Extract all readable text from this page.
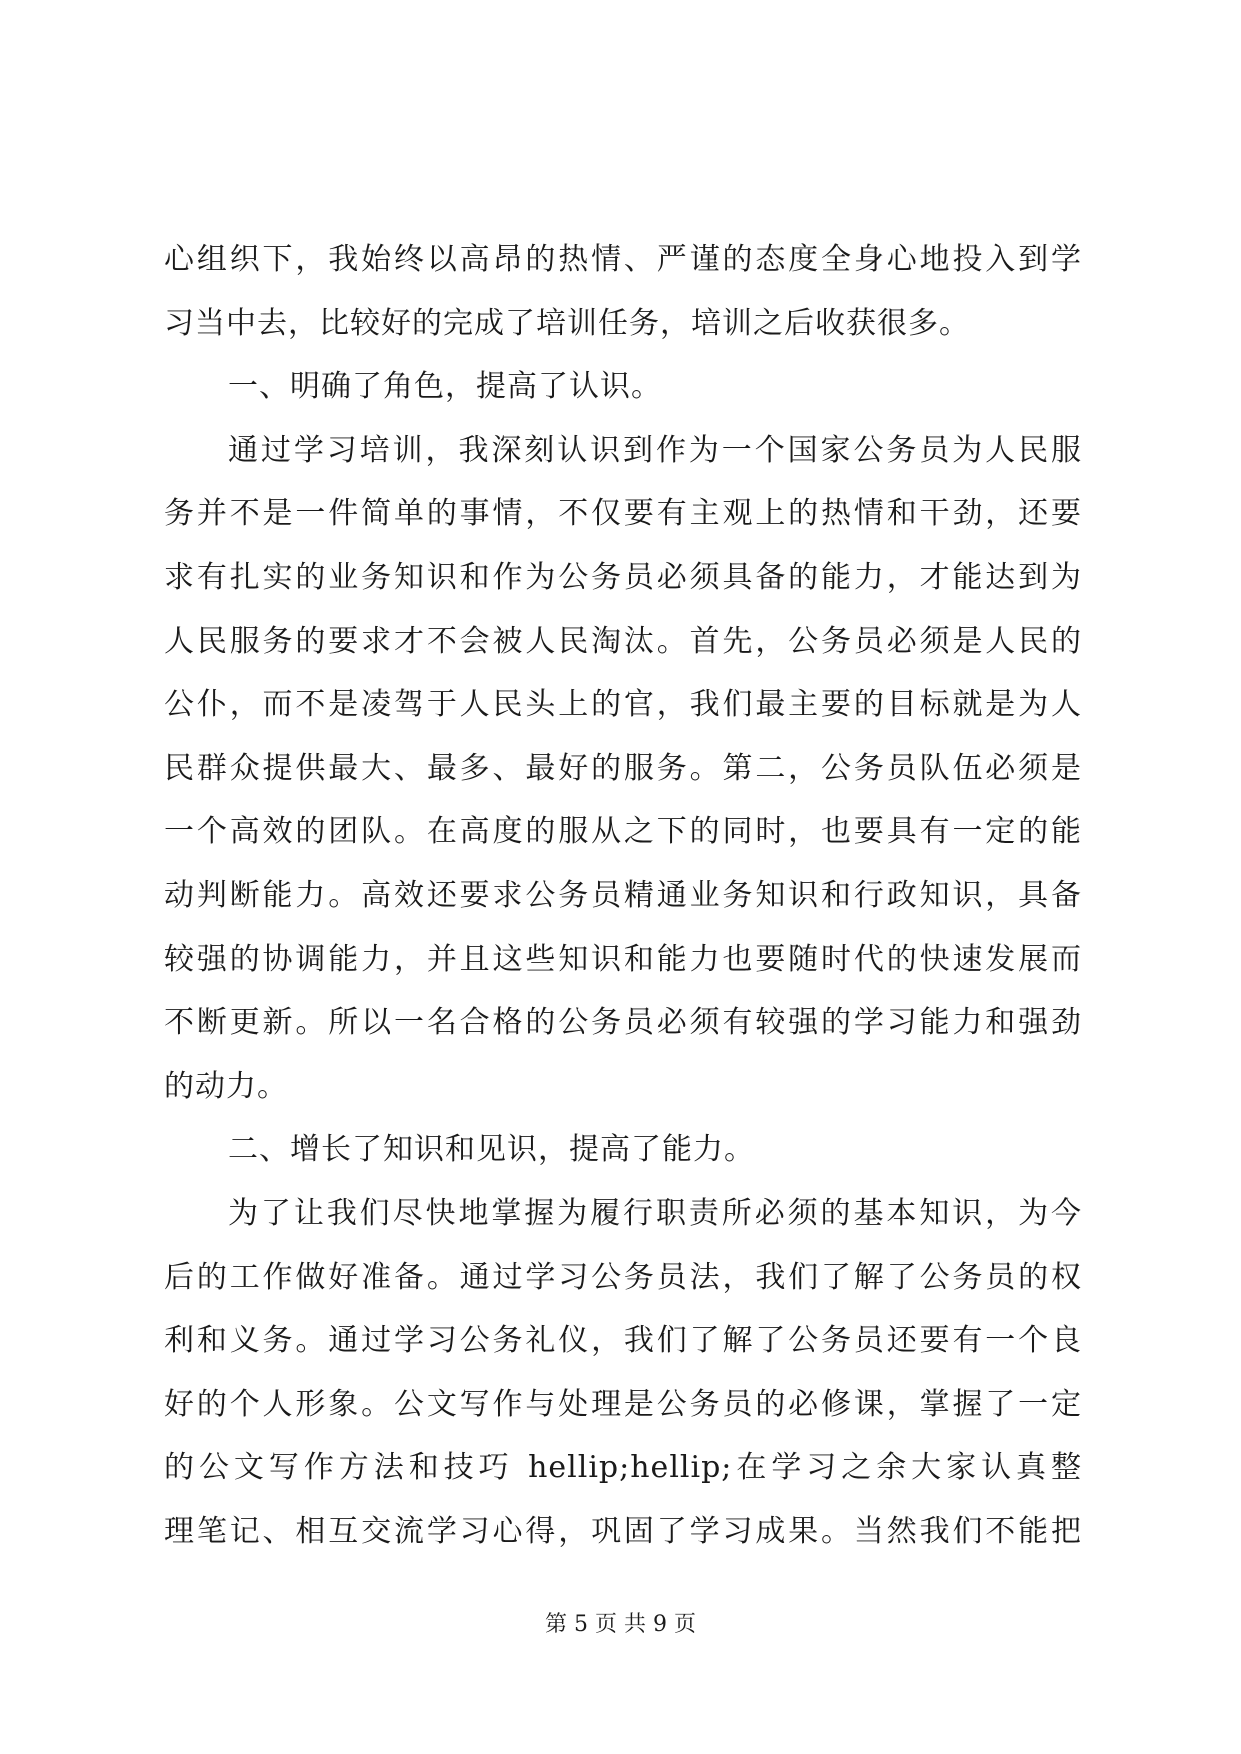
心组织下，我始终以高昂的热情、严谨的态度全身心地投入到学
习当中去，比较好的完成了培训任务，培训之后收获很多。
一、明确了角色，提高了认识。
通过学习培训，我深刻认识到作为一个国家公务员为人民服
务并不是一件简单的事情，不仅要有主观上的热情和干劲，还要
求有扎实的业务知识和作为公务员必须具备的能力，才能达到为
人民服务的要求才不会被人民淘汰。首先，公务员必须是人民的
公仆，而不是凌驾于人民头上的官，我们最主要的目标就是为人
民群众提供最大、最多、最好的服务。第二，公务员队伍必须是
一个高效的团队。在高度的服从之下的同时，也要具有一定的能
动判断能力。高效还要求公务员精通业务知识和行政知识，具备
较强的协调能力，并且这些知识和能力也要随时代的快速发展而
不断更新。所以一名合格的公务员必须有较强的学习能力和强劲
的动力。
二、增长了知识和见识，提高了能力。
为了让我们尽快地掌握为履行职责所必须的基本知识，为今
后的工作做好准备。通过学习公务员法，我们了解了公务员的权
利和义务。通过学习公务礼仪，我们了解了公务员还要有一个良
好的个人形象。公文写作与处理是公务员的必修课，掌握了一定
的公文写作方法和技巧 hellip;hellip;在学习之余大家认真整
理笔记、相互交流学习心得，巩固了学习成果。当然我们不能把
第 5 页 共 9 页
